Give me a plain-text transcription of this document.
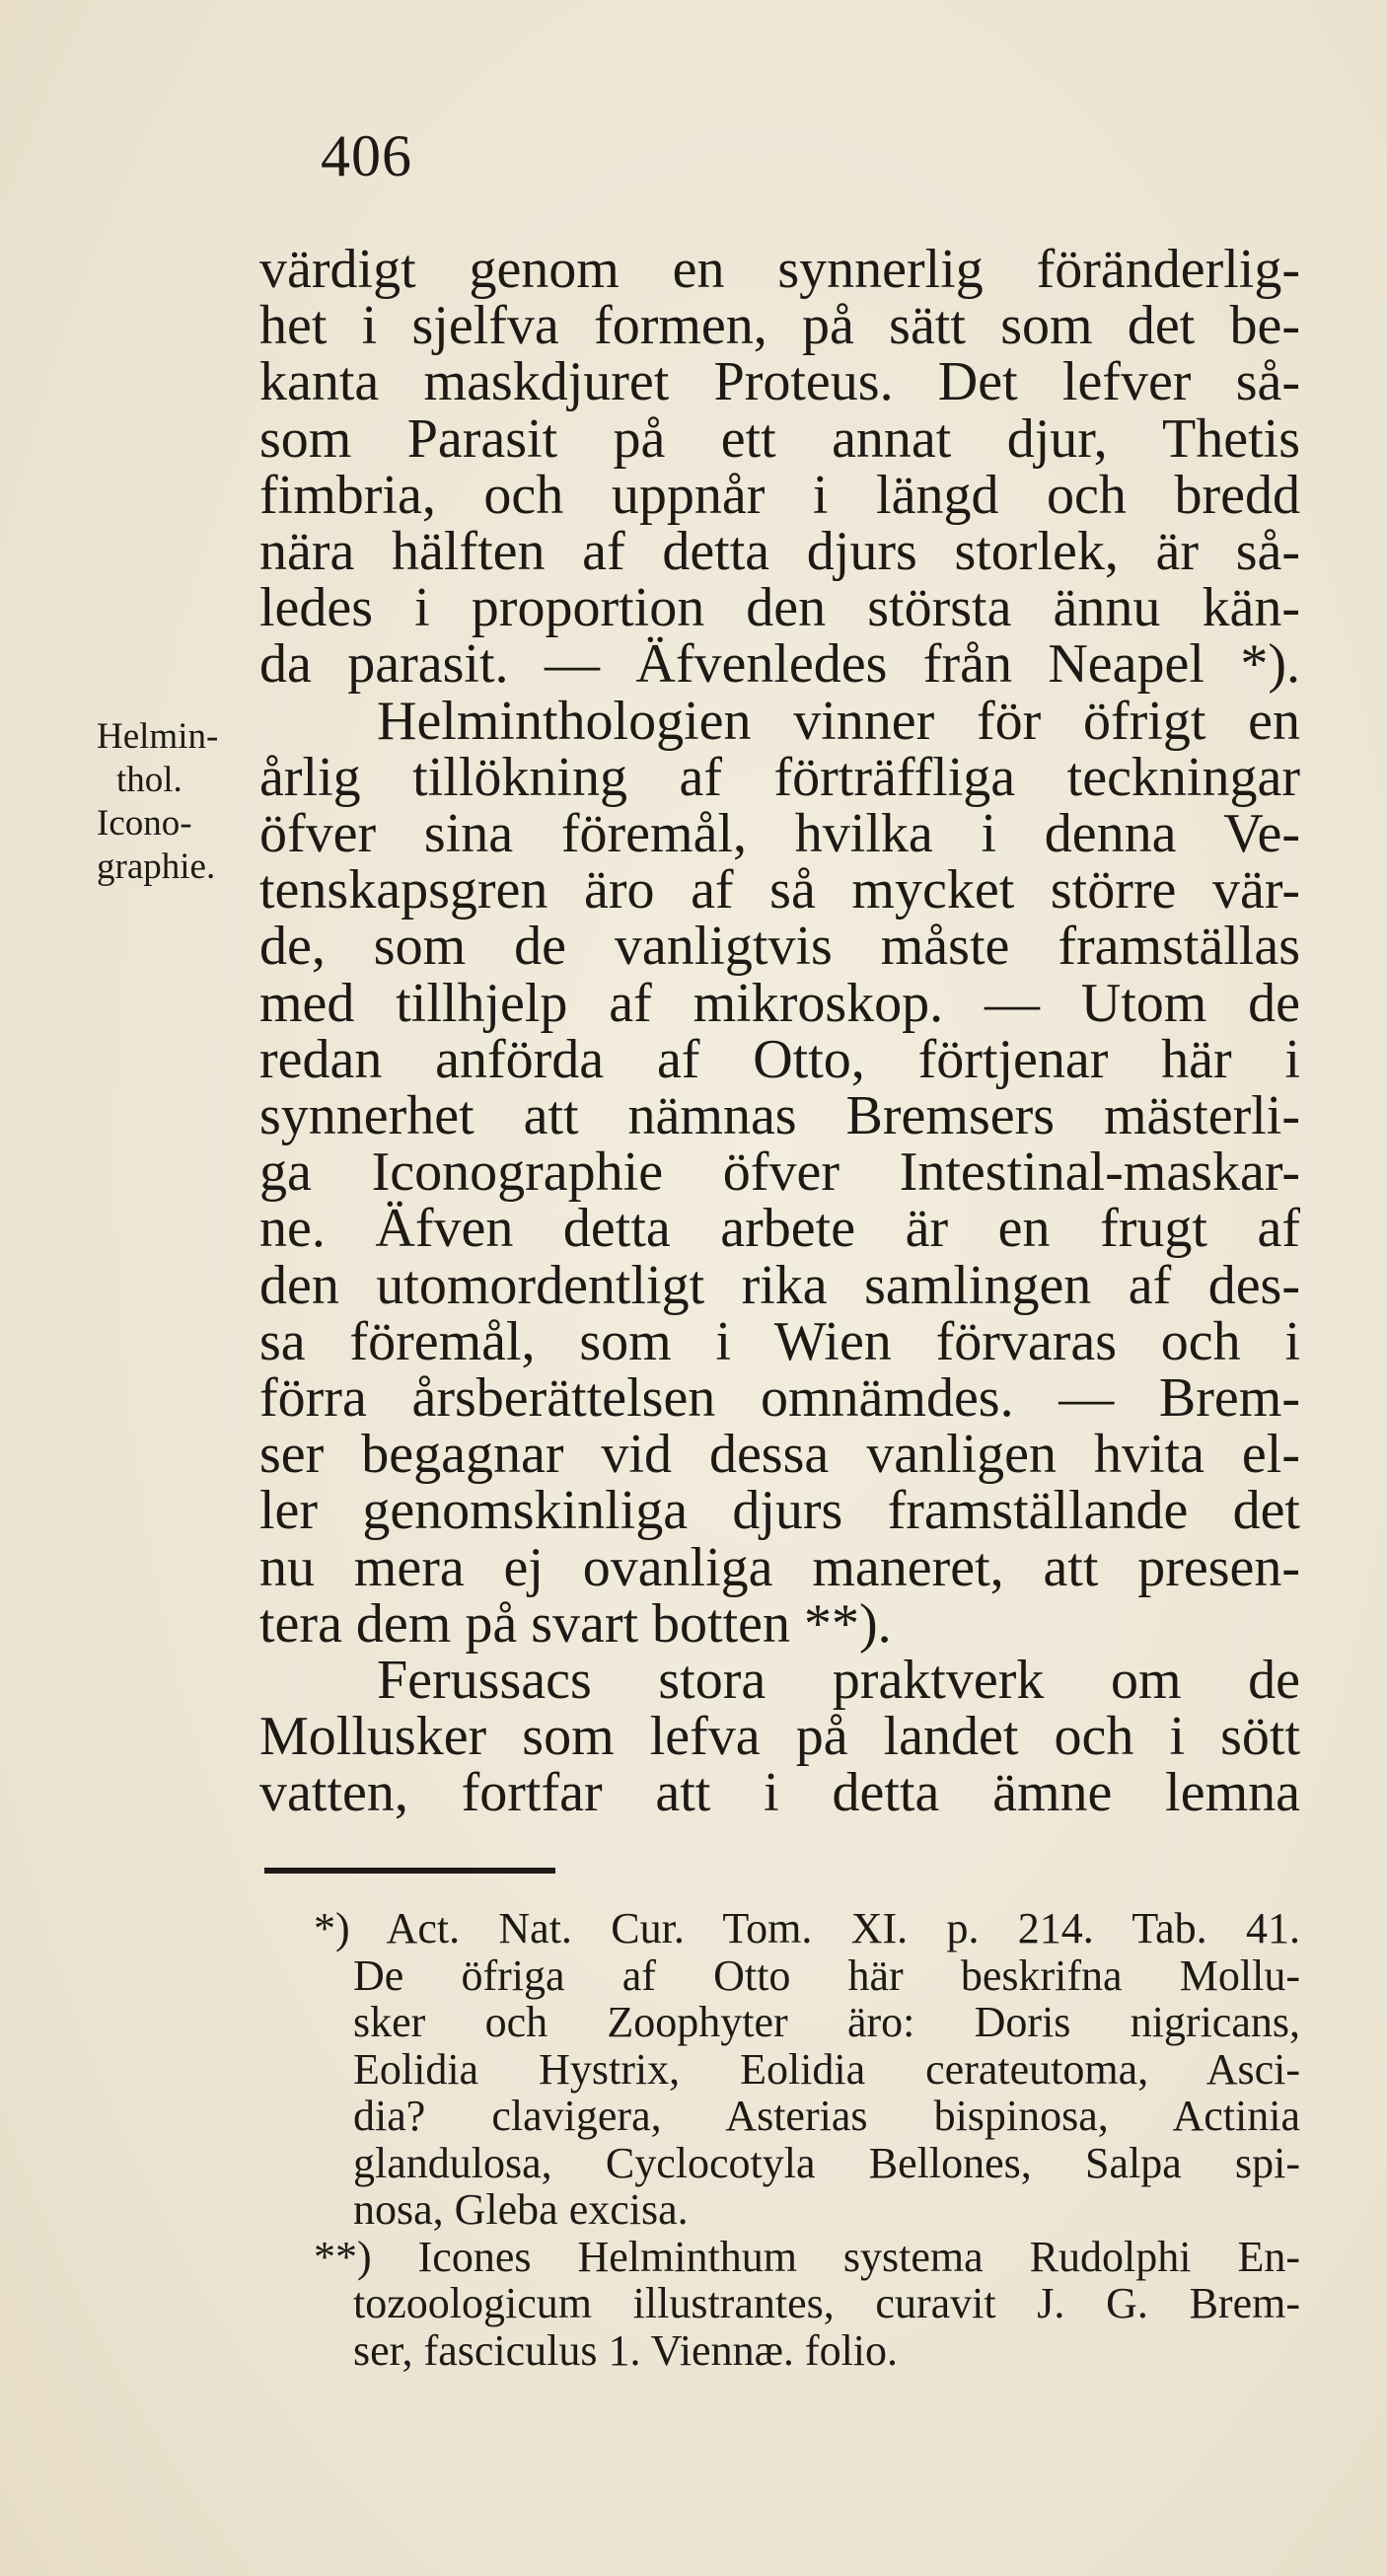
406
Helmin-
thol.
Icono-
graphie.
värdigt genom en synnerlig föränderlig-
het i sjelfva formen, på sätt som det be-
kanta maskdjuret Proteus. Det lefver så-
som Parasit på ett annat djur, Thetis
fimbria, och uppnår i längd och bredd
nära hälften af detta djurs storlek, är så-
ledes i proportion den största ännu kän-
da parasit. — Äfvenledes från Neapel *).
Helminthologien vinner för öfrigt en
årlig tillökning af förträffliga teckningar
öfver sina föremål, hvilka i denna Ve-
tenskapsgren äro af så mycket större vär-
de, som de vanligtvis måste framställas
med tillhjelp af mikroskop. — Utom de
redan anförda af Otto, förtjenar här i
synnerhet att nämnas Bremsers mästerli-
ga Iconographie öfver Intestinal-maskar-
ne. Äfven detta arbete är en frugt af
den utomordentligt rika samlingen af des-
sa föremål, som i Wien förvaras och i
förra årsberättelsen omnämdes. — Brem-
ser begagnar vid dessa vanligen hvita el-
ler genomskinliga djurs framställande det
nu mera ej ovanliga maneret, att presen-
tera dem på svart botten **).
Ferussacs stora praktverk om de
Mollusker som lefva på landet och i sött
vatten, fortfar att i detta ämne lemna
*) Act. Nat. Cur. Tom. XI. p. 214. Tab. 41.
De öfriga af Otto här beskrifna Mollu-
sker och Zoophyter äro: Doris nigricans,
Eolidia Hystrix, Eolidia cerateutoma, Asci-
dia? clavigera, Asterias bispinosa, Actinia
glandulosa, Cyclocotyla Bellones, Salpa spi-
nosa, Gleba excisa.
**) Icones Helminthum systema Rudolphi En-
tozoologicum illustrantes, curavit J. G. Brem-
ser, fasciculus 1. Viennæ. folio.
